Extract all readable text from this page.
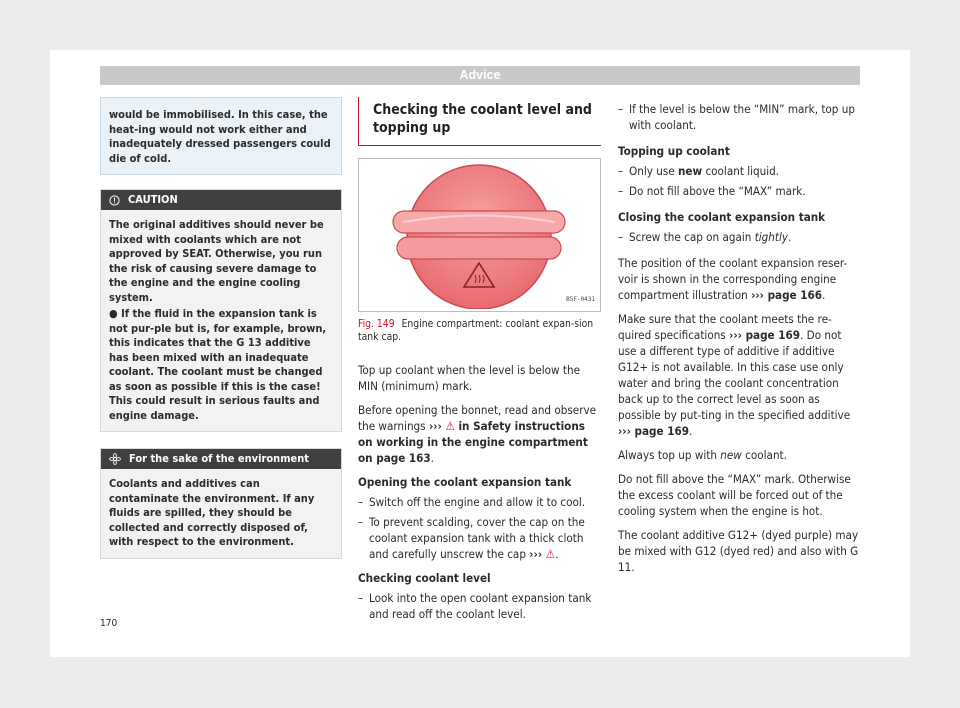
Advice
would be immobilised. In this case, the heat-ing would not work either and inadequately dressed passengers could die of cold.
CAUTION

The original additives should never be mixed with coolants which are not approved by SEAT. Otherwise, you run the risk of causing severe damage to the engine and the engine cooling system.

● If the fluid in the expansion tank is not pur-ple but is, for example, brown, this indicates that the G 13 additive has been mixed with an inadequate coolant. The coolant must be changed as soon as possible if this is the case! This could result in serious faults and engine damage.

For the sake of the environment

Coolants and additives can contaminate the environment. If any fluids are spilled, they should be collected and correctly disposed of, with respect to the environment.

Checking the coolant level and topping up
B5F-0431
Fig. 149 Engine compartment: coolant expan-sion tank cap.

Top up coolant when the level is below the MIN (minimum) mark.

Before opening the bonnet, read and observe the warnings ››› ⚠ in Safety instructions on working in the engine compartment on page 163.

Opening the coolant expansion tank
– Switch off the engine and allow it to cool.
– To prevent scalding, cover the cap on the coolant expansion tank with a thick cloth and carefully unscrew the cap ››› ⚠.
Checking coolant level
– Look into the open coolant expansion tank and read off the coolant level.
– If the level is below the “MIN” mark, top up with coolant.
Topping up coolant
– Only use new coolant liquid.
– Do not fill above the “MAX” mark.
Closing the coolant expansion tank
– Screw the cap on again tightly.

The position of the coolant expansion reser-voir is shown in the corresponding engine compartment illustration ››› page 166.

Make sure that the coolant meets the re-quired specifications ››› page 169. Do not use a different type of additive if additive G12+ is not available. In this case use only water and bring the coolant concentration back up to the correct level as soon as possible by put-ting in the specified additive ››› page 169.

Always top up with new coolant.

Do not fill above the “MAX” mark. Otherwise the excess coolant will be forced out of the cooling system when the engine is hot.

The coolant additive G12+ (dyed purple) may be mixed with G12 (dyed red) and also with G 11.

170
